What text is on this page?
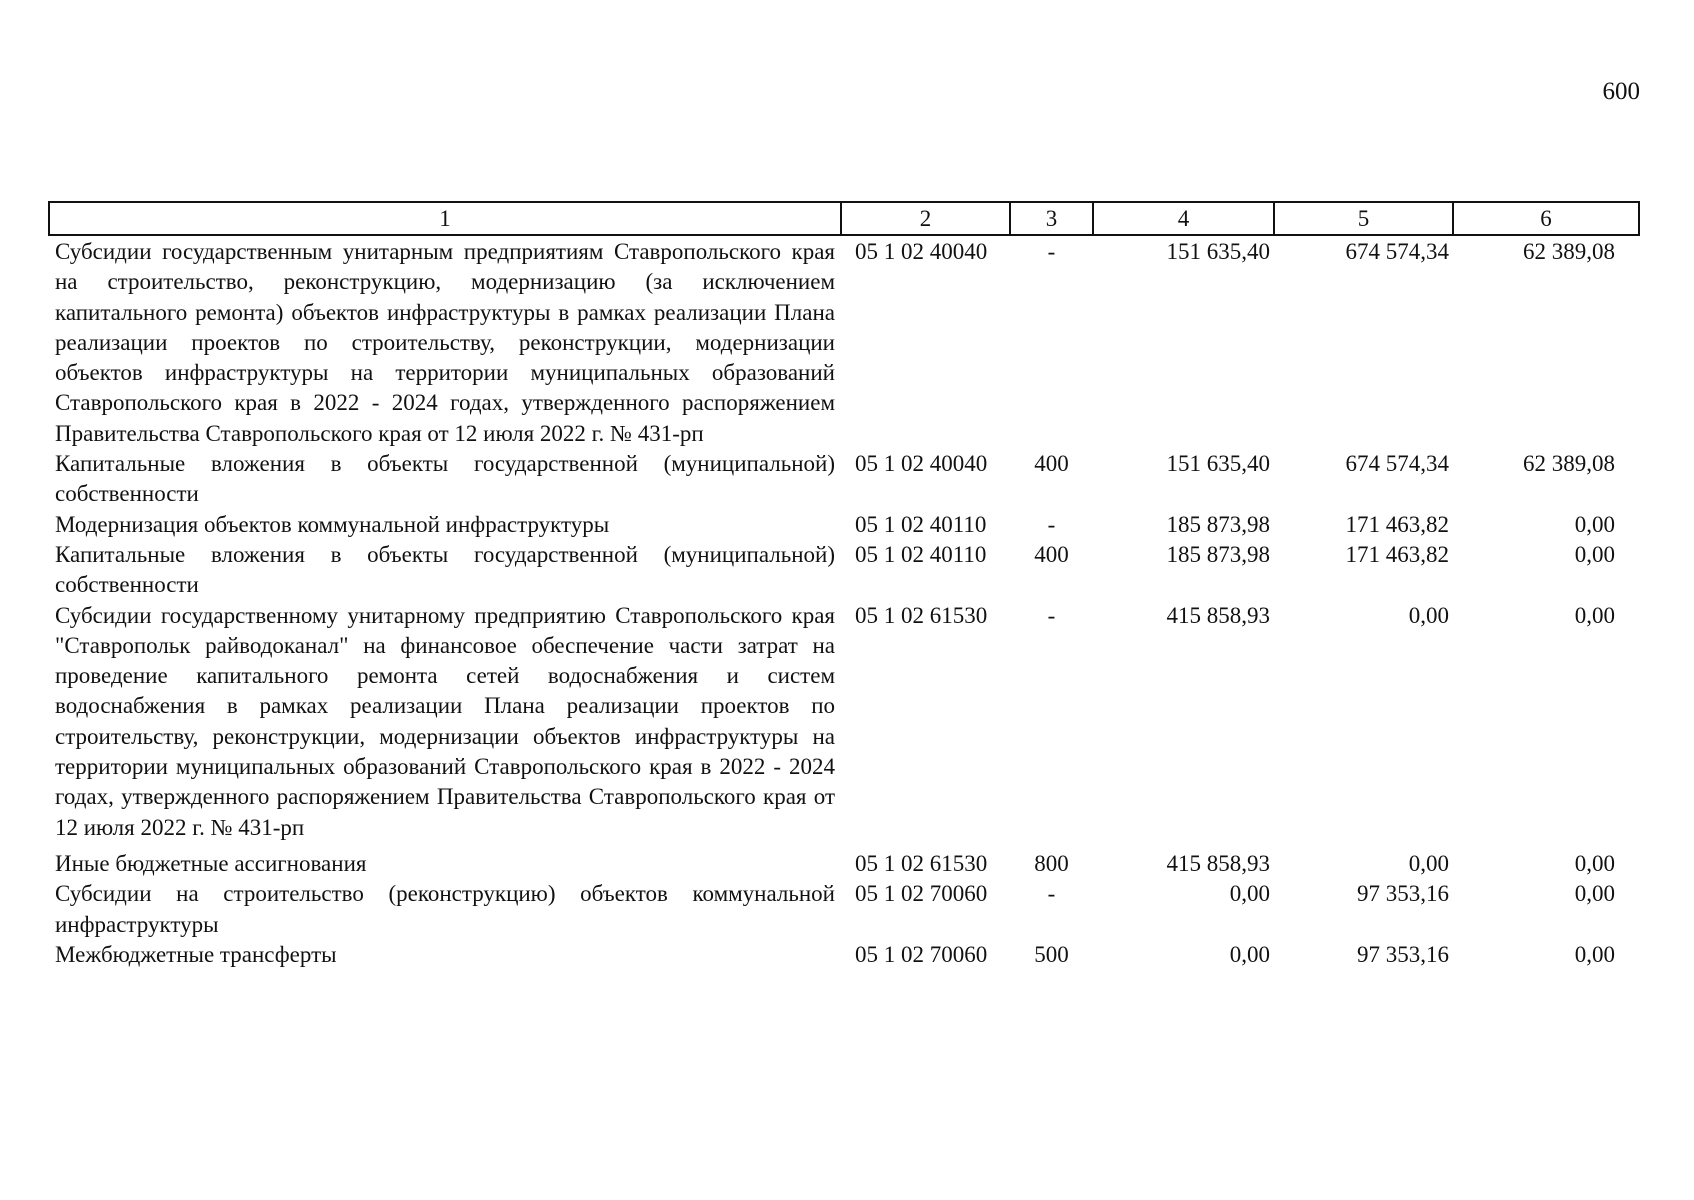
600
1	2	3	4	5	6
Субсидии государственным унитарным предприятиям Ставропольского края на строительство, реконструкцию, модернизацию (за исключением капитального ремонта) объектов инфраструктуры в рамках реализации Плана реализации проектов по строительству, реконструкции, модернизации объектов инфраструктуры на территории муниципальных образований Ставропольского края в 2022 - 2024 годах, утвержденного распоряжением Правительства Ставропольского края от 12 июля 2022 г. № 431-рп	05 1 02 40040	-	151 635,40	674 574,34	62 389,08
Капитальные вложения в объекты государственной (муниципальной) собственности	05 1 02 40040	400	151 635,40	674 574,34	62 389,08
Модернизация объектов коммунальной инфраструктуры	05 1 02 40110	-	185 873,98	171 463,82	0,00
Капитальные вложения в объекты государственной (муниципальной) собственности	05 1 02 40110	400	185 873,98	171 463,82	0,00
Субсидии государственному унитарному предприятию Ставропольского края "Ставропольк райводоканал" на финансовое обеспечение части затрат на проведение капитального ремонта сетей водоснабжения и систем водоснабжения в рамках реализации Плана реализации проектов по строительству, реконструкции, модернизации объектов инфраструктуры на территории муниципальных образований Ставропольского края в 2022 - 2024 годах, утвержденного распоряжением Правительства Ставропольского края от 12 июля 2022 г. № 431-рп	05 1 02 61530	-	415 858,93	0,00	0,00
Иные бюджетные ассигнования	05 1 02 61530	800	415 858,93	0,00	0,00
Субсидии на строительство (реконструкцию) объектов коммунальной инфраструктуры	05 1 02 70060	-	0,00	97 353,16	0,00
Межбюджетные трансферты	05 1 02 70060	500	0,00	97 353,16	0,00
